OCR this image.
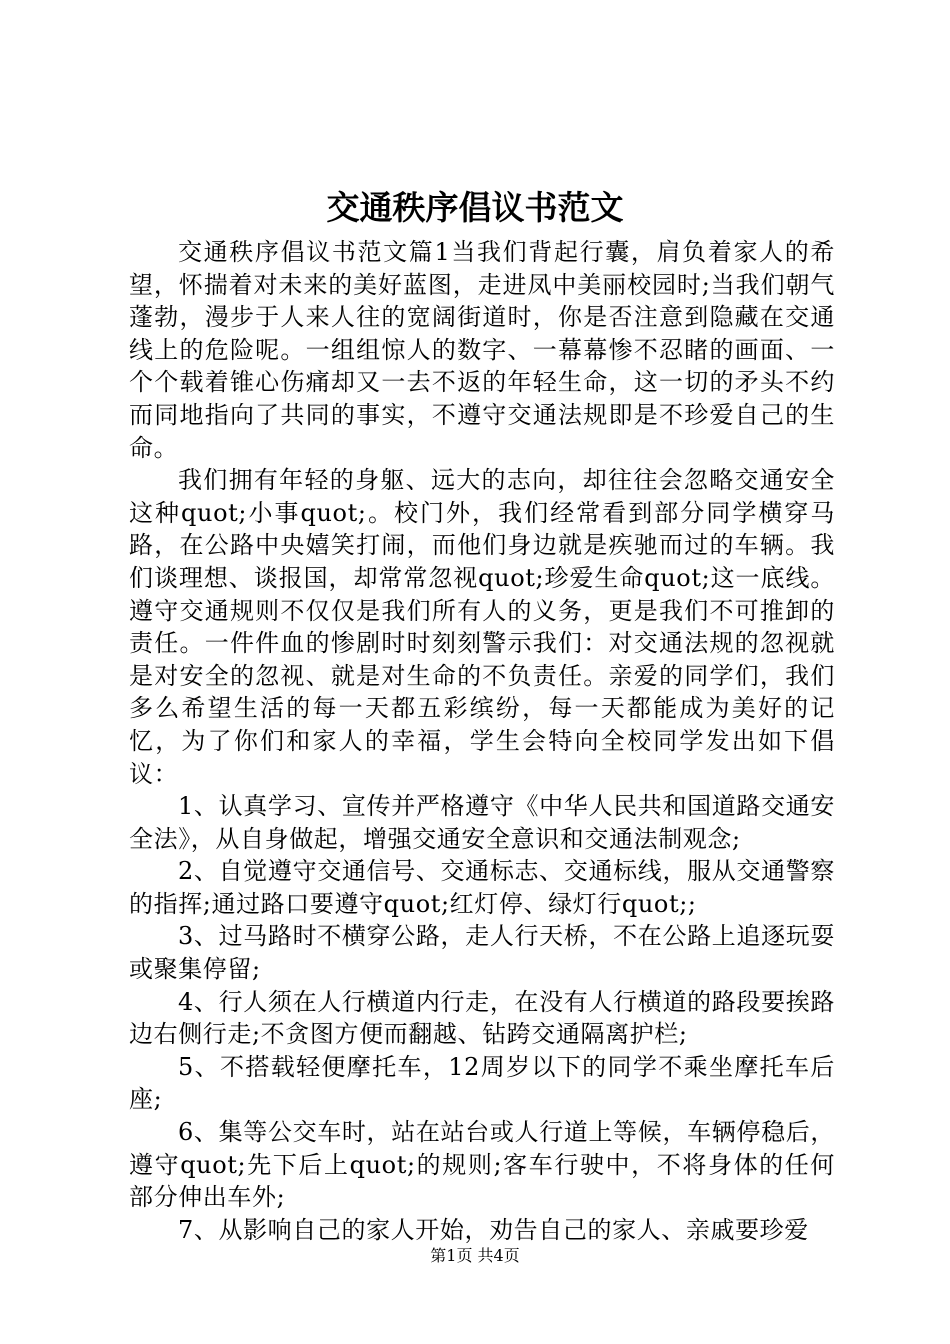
交通秩序倡议书范文

交通秩序倡议书范文篇1当我们背起行囊，肩负着家人的希望，怀揣着对未来的美好蓝图，走进凤中美丽校园时;当我们朝气蓬勃，漫步于人来人往的宽阔街道时，你是否注意到隐藏在交通线上的危险呢。一组组惊人的数字、一幕幕惨不忍睹的画面、一个个载着锥心伤痛却又一去不返的年轻生命，这一切的矛头不约而同地指向了共同的事实，不遵守交通法规即是不珍爱自己的生命。

我们拥有年轻的身躯、远大的志向，却往往会忽略交通安全这种quot;小事quot;。校门外，我们经常看到部分同学横穿马路，在公路中央嬉笑打闹，而他们身边就是疾驰而过的车辆。我们谈理想、谈报国，却常常忽视quot;珍爱生命quot;这一底线。遵守交通规则不仅仅是我们所有人的义务，更是我们不可推卸的责任。一件件血的惨剧时时刻刻警示我们：对交通法规的忽视就是对安全的忽视、就是对生命的不负责任。亲爱的同学们，我们多么希望生活的每一天都五彩缤纷，每一天都能成为美好的记忆，为了你们和家人的幸福，学生会特向全校同学发出如下倡议：

1、认真学习、宣传并严格遵守《中华人民共和国道路交通安全法》，从自身做起，增强交通安全意识和交通法制观念;

2、自觉遵守交通信号、交通标志、交通标线，服从交通警察的指挥;通过路口要遵守quot;红灯停、绿灯行quot;;

3、过马路时不横穿公路，走人行天桥，不在公路上追逐玩耍或聚集停留;

4、行人须在人行横道内行走，在没有人行横道的路段要挨路边右侧行走;不贪图方便而翻越、钻跨交通隔离护栏;

5、不搭载轻便摩托车，12周岁以下的同学不乘坐摩托车后座;

6、集等公交车时，站在站台或人行道上等候，车辆停稳后，遵守quot;先下后上quot;的规则;客车行驶中，不将身体的任何部分伸出车外;

7、从影响自己的家人开始，劝告自己的家人、亲戚要珍爱

第1页 共4页
